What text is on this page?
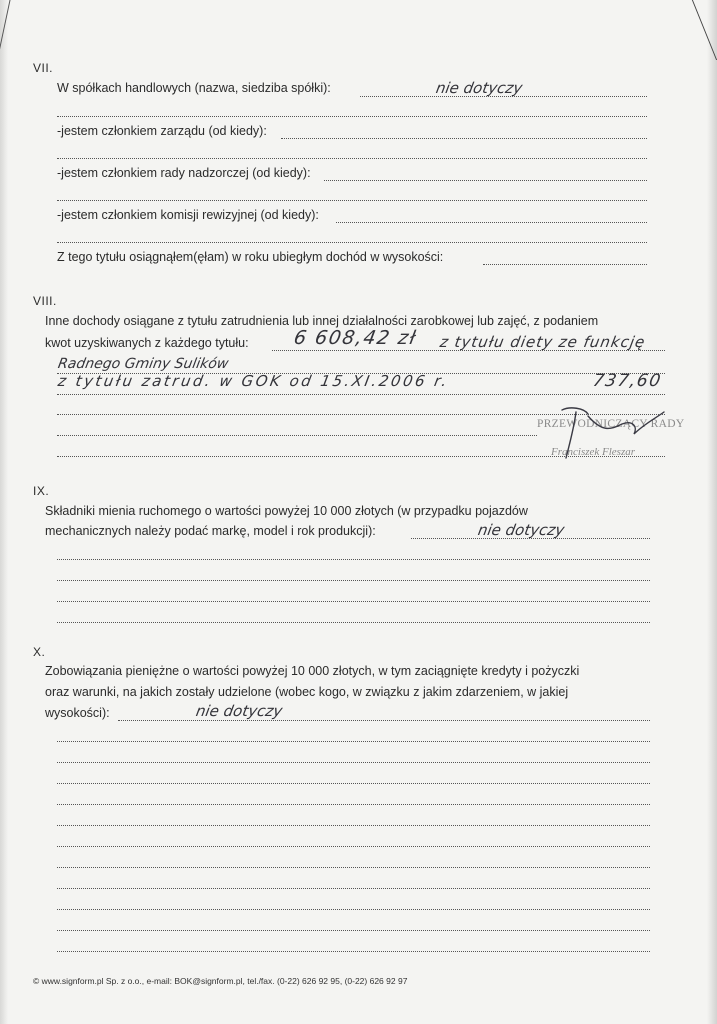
VII.
W spółkach handlowych (nazwa, siedziba spółki):	nie dotyczy
-jestem członkiem zarządu (od kiedy):
-jestem członkiem rady nadzorczej (od kiedy):
-jestem członkiem komisji rewizyjnej (od kiedy):
Z tego tytułu osiągnąłem(ęłam) w roku ubiegłym dochód w wysokości:
VIII.
Inne dochody osiągane z tytułu zatrudnienia lub innej działalności zarobkowej lub zajęć, z podaniem
kwot uzyskiwanych z każdego tytułu: 6 608,42 zł z tytułu diety ze funkcję
Radnego Gminy Sulików
z tytułu zatrud. w GOK od 15.XI.2006 r.	737,60
PRZEWODNICZĄCY RADY
Franciszek Fleszar
IX.
Składniki mienia ruchomego o wartości powyżej 10 000 złotych (w przypadku pojazdów
mechanicznych należy podać markę, model i rok produkcji):	nie dotyczy
X.
Zobowiązania pieniężne o wartości powyżej 10 000 złotych, w tym zaciągnięte kredyty i pożyczki
oraz warunki, na jakich zostały udzielone (wobec kogo, w związku z jakim zdarzeniem, w jakiej
wysokości):	nie dotyczy
© www.signform.pl Sp. z o.o., e-mail: BOK@signform.pl, tel./fax. (0-22) 626 92 95, (0-22) 626 92 97
